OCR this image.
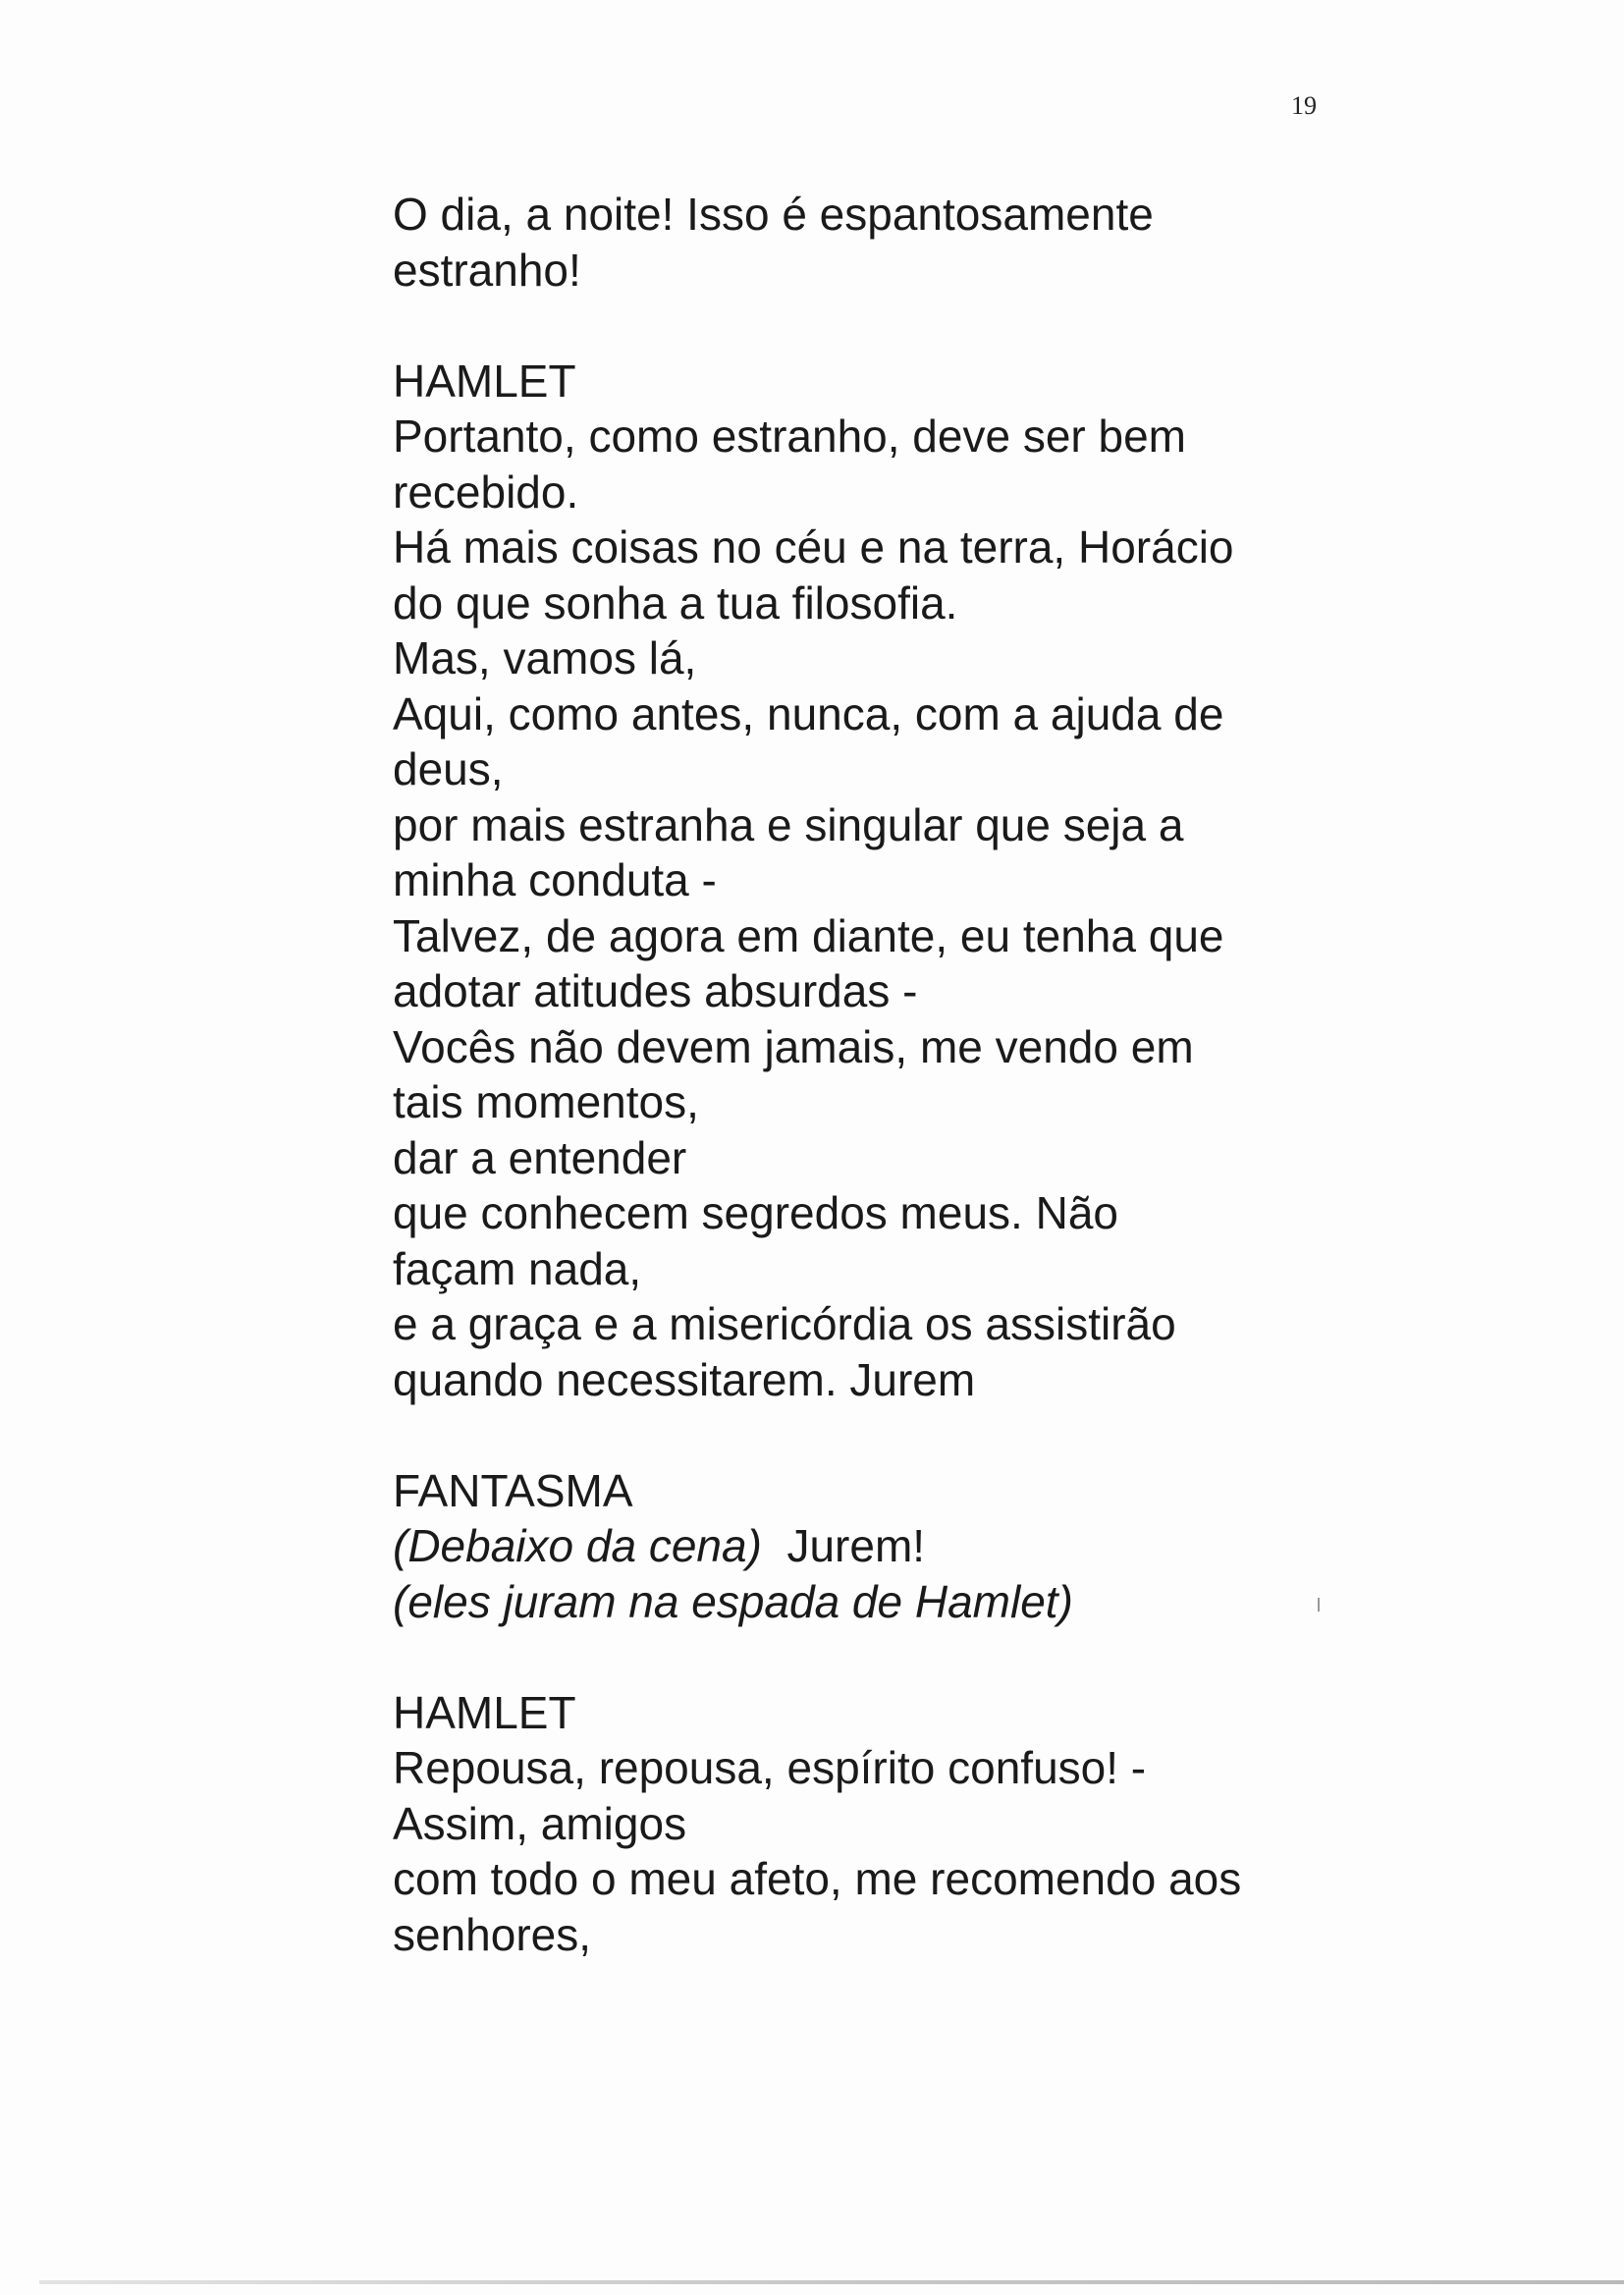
19
O dia, a noite! Isso é espantosamente
estranho!
HAMLET
Portanto, como estranho, deve ser bem
recebido.
Há mais coisas no céu e na terra, Horácio
do que sonha a tua filosofia.
Mas, vamos lá,
Aqui, como antes, nunca, com a ajuda de
deus,
por mais estranha e singular que seja a
minha conduta -
Talvez, de agora em diante, eu tenha que
adotar atitudes absurdas -
Vocês não devem jamais, me vendo em
tais momentos,
dar a entender
que conhecem segredos meus. Não
façam nada,
e a graça e a misericórdia os assistirão
quando necessitarem. Jurem
FANTASMA
(Debaixo da cena) Jurem!
(eles juram na espada de Hamlet)
HAMLET
Repousa, repousa, espírito confuso! -
Assim, amigos
com todo o meu afeto, me recomendo aos
senhores,
